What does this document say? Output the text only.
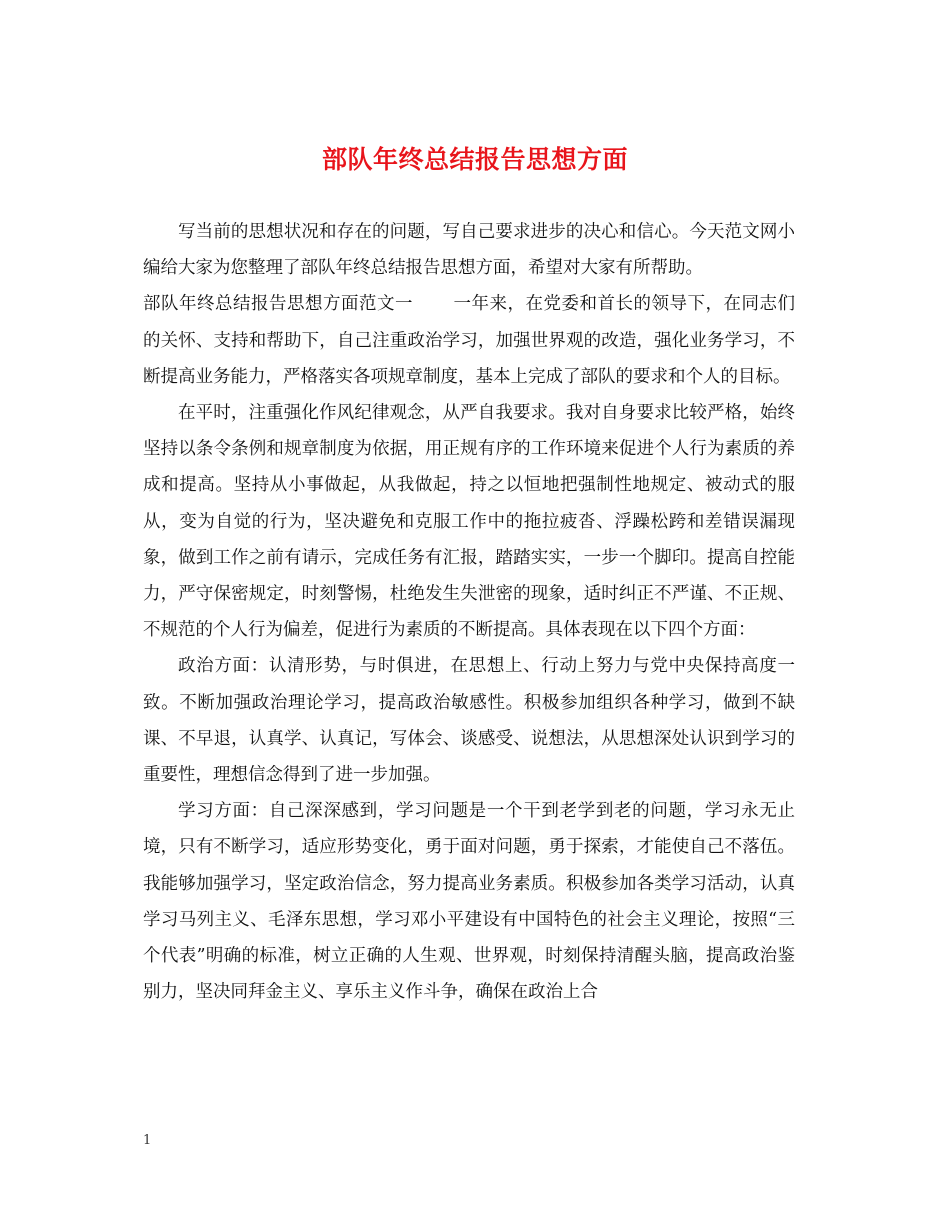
部队年终总结报告思想方面

写当前的思想状况和存在的问题，写自己要求进步的决心和信心。今天范文网小编给大家为您整理了部队年终总结报告思想方面，希望对大家有所帮助。

部队年终总结报告思想方面范文一 一年来，在党委和首长的领导下，在同志们的关怀、支持和帮助下，自己注重政治学习，加强世界观的改造，强化业务学习，不断提高业务能力，严格落实各项规章制度，基本上完成了部队的要求和个人的目标。

在平时，注重强化作风纪律观念，从严自我要求。我对自身要求比较严格，始终坚持以条令条例和规章制度为依据，用正规有序的工作环境来促进个人行为素质的养成和提高。坚持从小事做起，从我做起，持之以恒地把强制性地规定、被动式的服从，变为自觉的行为，坚决避免和克服工作中的拖拉疲沓、浮躁松跨和差错误漏现象，做到工作之前有请示，完成任务有汇报，踏踏实实，一步一个脚印。提高自控能力，严守保密规定，时刻警惕，杜绝发生失泄密的现象，适时纠正不严谨、不正规、不规范的个人行为偏差，促进行为素质的不断提高。具体表现在以下四个方面：

政治方面：认清形势，与时俱进，在思想上、行动上努力与党中央保持高度一致。不断加强政治理论学习，提高政治敏感性。积极参加组织各种学习，做到不缺课、不早退，认真学、认真记，写体会、谈感受、说想法，从思想深处认识到学习的重要性，理想信念得到了进一步加强。

学习方面：自己深深感到，学习问题是一个干到老学到老的问题，学习永无止境，只有不断学习，适应形势变化，勇于面对问题，勇于探索，才能使自己不落伍。我能够加强学习，坚定政治信念，努力提高业务素质。积极参加各类学习活动，认真学习马列主义、毛泽东思想，学习邓小平建设有中国特色的社会主义理论，按照“三个代表”明确的标准，树立正确的人生观、世界观，时刻保持清醒头脑，提高政治鉴别力，坚决同拜金主义、享乐主义作斗争，确保在政治上合

1
